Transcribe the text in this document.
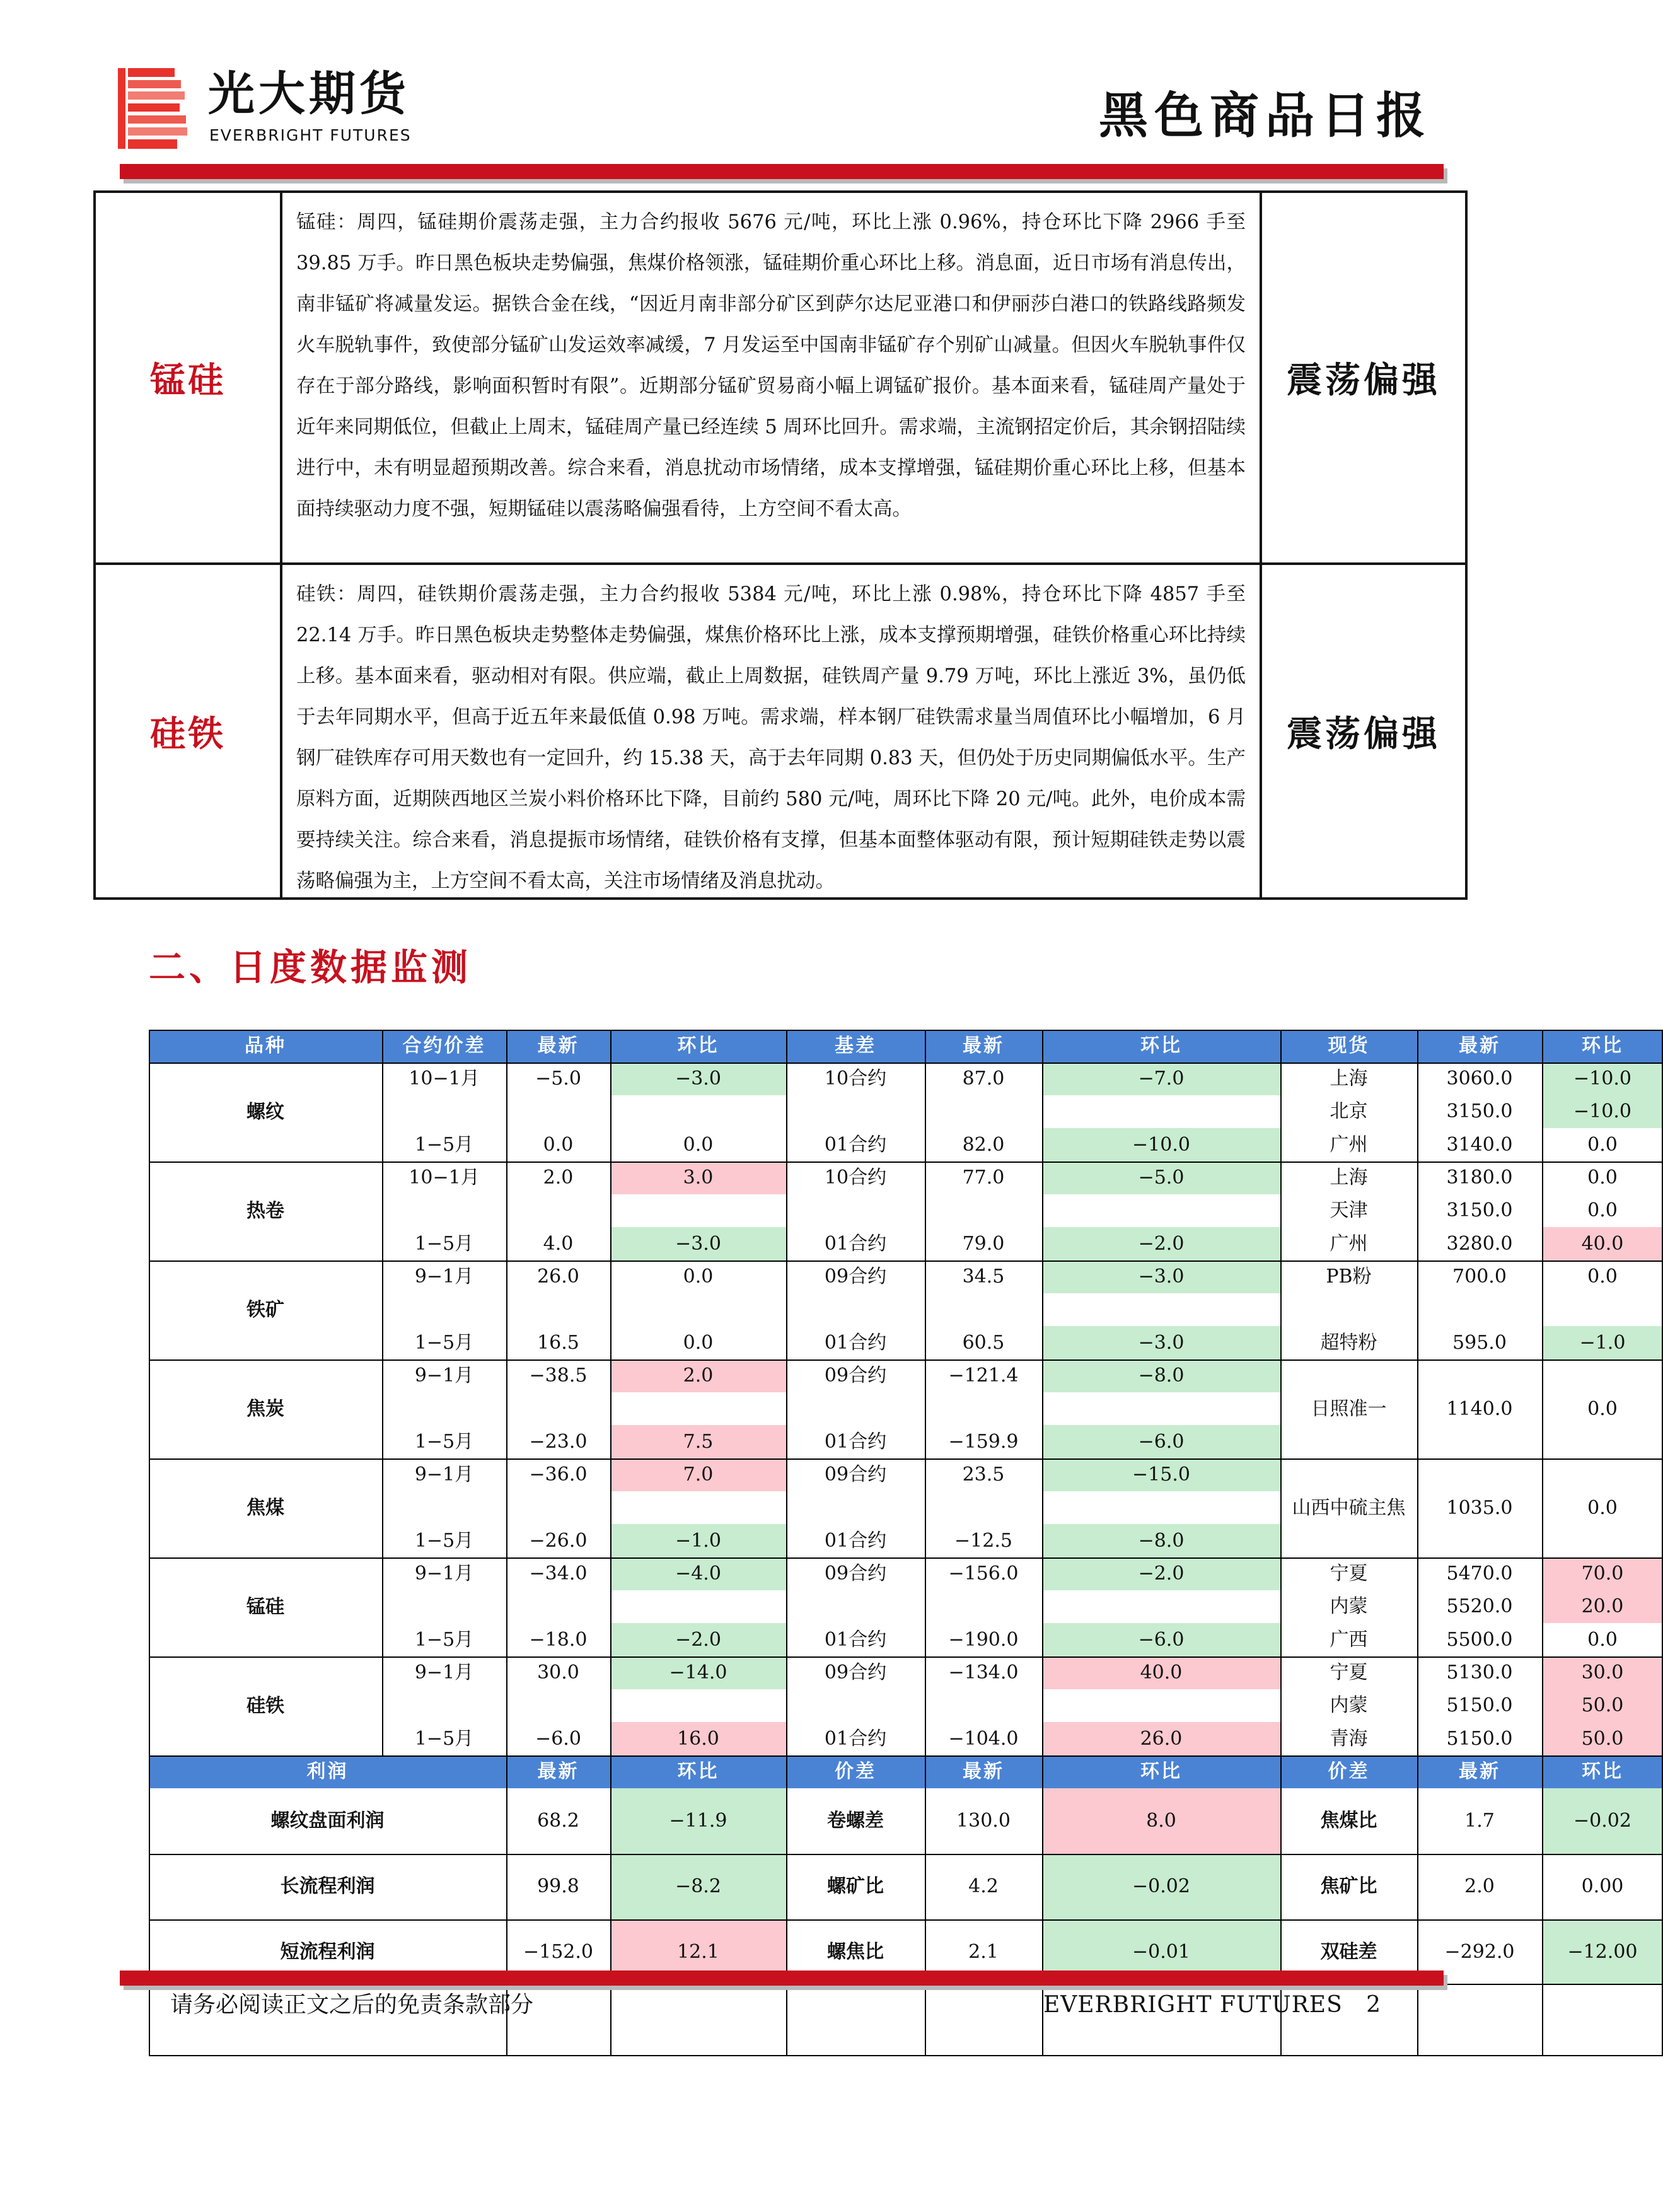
光大期货
EVERBRIGHT FUTURES	黑色商品日报
锰硅
锰硅：周四，锰硅期价震荡走强，主力合约报收 5676 元/吨，环比上涨 0.96%，持仓环比下降 2966 手至 39.85 万手。昨日黑色板块走势偏强，焦煤价格领涨，锰硅期价重心环比上移。消息面，近日市场有消息传出，南非锰矿将减量发运。据铁合金在线，“因近月南非部分矿区到萨尔达尼亚港口和伊丽莎白港口的铁路线路频发火车脱轨事件，致使部分锰矿山发运效率减缓，7 月发运至中国南非锰矿存个别矿山减量。但因火车脱轨事件仅存在于部分路线，影响面积暂时有限”。近期部分锰矿贸易商小幅上调锰矿报价。基本面来看，锰硅周产量处于近年来同期低位，但截止上周末，锰硅周产量已经连续 5 周环比回升。需求端，主流钢招定价后，其余钢招陆续进行中，未有明显超预期改善。综合来看，消息扰动市场情绪，成本支撑增强，锰硅期价重心环比上移，但基本面持续驱动力度不强，短期锰硅以震荡略偏强看待，上方空间不看太高。
震荡偏强
硅铁
硅铁：周四，硅铁期价震荡走强，主力合约报收 5384 元/吨，环比上涨 0.98%，持仓环比下降 4857 手至 22.14 万手。昨日黑色板块走势整体走势偏强，煤焦价格环比上涨，成本支撑预期增强，硅铁价格重心环比持续上移。基本面来看，驱动相对有限。供应端，截止上周数据，硅铁周产量 9.79 万吨，环比上涨近 3%，虽仍低于去年同期水平，但高于近五年来最低值 0.98 万吨。需求端，样本钢厂硅铁需求量当周值环比小幅增加，6 月钢厂硅铁库存可用天数也有一定回升，约 15.38 天，高于去年同期 0.83 天，但仍处于历史同期偏低水平。生产原料方面，近期陕西地区兰炭小料价格环比下降，目前约 580 元/吨，周环比下降 20 元/吨。此外，电价成本需要持续关注。综合来看，消息提振市场情绪，硅铁价格有支撑，但基本面整体驱动有限，预计短期硅铁走势以震荡略偏强为主，上方空间不看太高，关注市场情绪及消息扰动。
震荡偏强
二、日度数据监测
品种	合约价差	最新	环比	基差	最新	环比	现货	最新	环比
螺纹
10−1月	−5.0	−3.0	10合约	87.0	−7.0	上海	3060.0	−10.0
北京	3150.0	−10.0
1−5月	0.0	0.0	01合约	82.0	−10.0	广州	3140.0	0.0
热卷
10−1月	2.0	3.0	10合约	77.0	−5.0	上海	3180.0	0.0
天津	3150.0	0.0
1−5月	4.0	−3.0	01合约	79.0	−2.0	广州	3280.0	40.0
铁矿
9−1月	26.0	0.0	09合约	34.5	−3.0	PB粉	700.0	0.0
1−5月	16.5	0.0	01合约	60.5	−3.0	超特粉	595.0	−1.0
焦炭
9−1月	−38.5	2.0	09合约	−121.4	−8.0
1−5月	−23.0	7.5	01合约	−159.9	−6.0
日照准一	1140.0	0.0
焦煤
9−1月	−36.0	7.0	09合约	23.5	−15.0
1−5月	−26.0	−1.0	01合约	−12.5	−8.0
山西中硫主焦	1035.0	0.0
锰硅
9−1月	−34.0	−4.0	09合约	−156.0	−2.0	宁夏	5470.0	70.0
内蒙	5520.0	20.0
1−5月	−18.0	−2.0	01合约	−190.0	−6.0	广西	5500.0	0.0
硅铁
9−1月	30.0	−14.0	09合约	−134.0	40.0	宁夏	5130.0	30.0
内蒙	5150.0	50.0
1−5月	−6.0	16.0	01合约	−104.0	26.0	青海	5150.0	50.0
利润	最新	环比	价差	最新	环比	价差	最新	环比
螺纹盘面利润	68.2	−11.9	卷螺差	130.0	8.0	焦煤比	1.7	−0.02
长流程利润	99.8	−8.2	螺矿比	4.2	−0.02	焦矿比	2.0	0.00
短流程利润	−152.0	12.1	螺焦比	2.1	−0.01	双硅差	−292.0	−12.00
请务必阅读正文之后的免责条款部分	EVERBRIGHT FUTURES 2
